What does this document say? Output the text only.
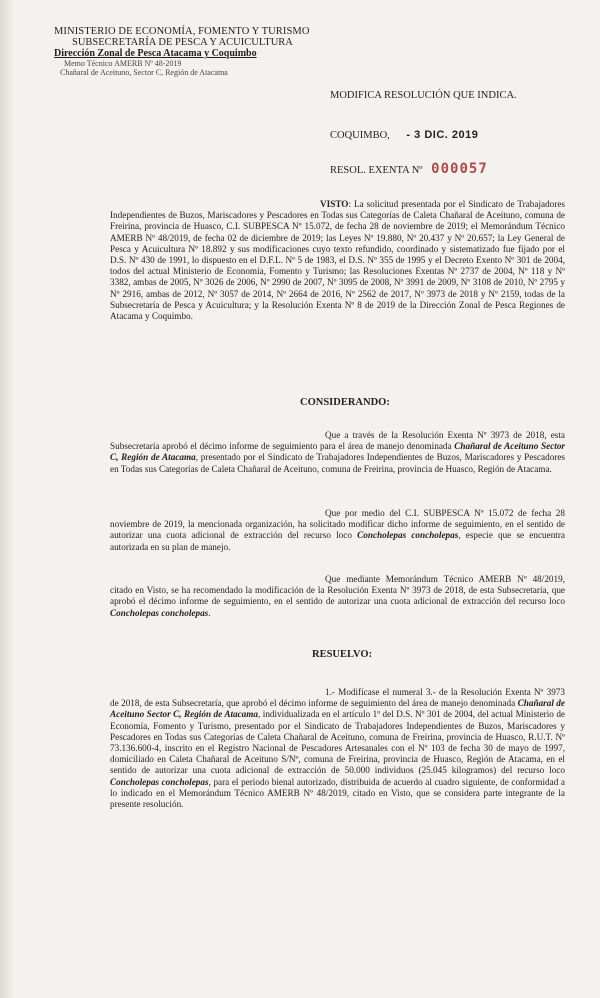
MINISTERIO DE ECONOMÍA, FOMENTO Y TURISMO
SUBSECRETARÍA DE PESCA Y ACUICULTURA
Dirección Zonal de Pesca Atacama y Coquimbo
Memo Técnico AMERB Nº 48-2019
Chañaral de Aceituno, Sector C, Región de Atacama
MODIFICA RESOLUCIÓN QUE INDICA.
COQUIMBO, - 3 DIC. 2019
RESOL. EXENTA Nº 000057

VISTO: La solicitud presentada por el Sindicato de Trabajadores Independientes de Buzos, Mariscadores y Pescadores en Todas sus Categorías de Caleta Chañaral de Aceituno, comuna de Freirina, provincia de Huasco, C.I. SUBPESCA Nº 15.072, de fecha 28 de noviembre de 2019; el Memorándum Técnico AMERB Nº 48/2019, de fecha 02 de diciembre de 2019; las Leyes Nº 19.880, Nº 20.437 y Nº 20.657; la Ley General de Pesca y Acuicultura Nº 18.892 y sus modificaciones cuyo texto refundido, coordinado y sistematizado fue fijado por el D.S. Nº 430 de 1991, lo dispuesto en el D.F.L. Nº 5 de 1983, el D.S. Nº 355 de 1995 y el Decreto Exento Nº 301 de 2004, todos del actual Ministerio de Economía, Fomento y Turismo; las Resoluciones Exentas Nº 2737 de 2004, Nº 118 y Nº 3382, ambas de 2005, Nº 3026 de 2006, Nº 2990 de 2007, Nº 3095 de 2008, Nº 3991 de 2009, Nº 3108 de 2010, Nº 2795 y Nº 2916, ambas de 2012, Nº 3057 de 2014, Nº 2664 de 2016, Nº 2562 de 2017, Nº 3973 de 2018 y Nº 2159, todas de la Subsecretaría de Pesca y Acuicultura; y la Resolución Exenta Nº 8 de 2019 de la Dirección Zonal de Pesca Regiones de Atacama y Coquimbo.

CONSIDERANDO:

Que a través de la Resolución Exenta Nº 3973 de 2018, esta Subsecretaría aprobó el décimo informe de seguimiento para el área de manejo denominada Chañaral de Aceituno Sector C, Región de Atacama, presentado por el Sindicato de Trabajadores Independientes de Buzos, Mariscadores y Pescadores en Todas sus Categorías de Caleta Chañaral de Aceituno, comuna de Freirina, provincia de Huasco, Región de Atacama.

Que por medio del C.I. SUBPESCA Nº 15.072 de fecha 28 noviembre de 2019, la mencionada organización, ha solicitado modificar dicho informe de seguimiento, en el sentido de autorizar una cuota adicional de extracción del recurso loco Concholepas concholepas, especie que se encuentra autorizada en su plan de manejo.

Que mediante Memorándum Técnico AMERB Nº 48/2019, citado en Visto, se ha recomendado la modificación de la Resolución Exenta Nº 3973 de 2018, de esta Subsecretaría, que aprobó el décimo informe de seguimiento, en el sentido de autorizar una cuota adicional de extracción del recurso loco Concholepas concholepas.

RESUELVO:

1.- Modifícase el numeral 3.- de la Resolución Exenta Nº 3973 de 2018, de esta Subsecretaría, que aprobó el décimo informe de seguimiento del área de manejo denominada Chañaral de Aceituno Sector C, Región de Atacama, individualizada en el artículo 1º del D.S. Nº 301 de 2004, del actual Ministerio de Economía, Fomento y Turismo, presentado por el Sindicato de Trabajadores Independientes de Buzos, Mariscadores y Pescadores en Todas sus Categorías de Caleta Chañaral de Aceituno, comuna de Freirina, provincia de Huasco, R.U.T. Nº 73.136.600-4, inscrito en el Registro Nacional de Pescadores Artesanales con el Nº 103 de fecha 30 de mayo de 1997, domiciliado en Caleta Chañaral de Aceituno S/Nº, comuna de Freirina, provincia de Huasco, Región de Atacama, en el sentido de autorizar una cuota adicional de extracción de 50.000 individuos (25.045 kilogramos) del recurso loco Concholepas concholepas, para el periodo bienal autorizado, distribuida de acuerdo al cuadro siguiente, de conformidad a lo indicado en el Memorándum Técnico AMERB Nº 48/2019, citado en Visto, que se considera parte integrante de la presente resolución.
